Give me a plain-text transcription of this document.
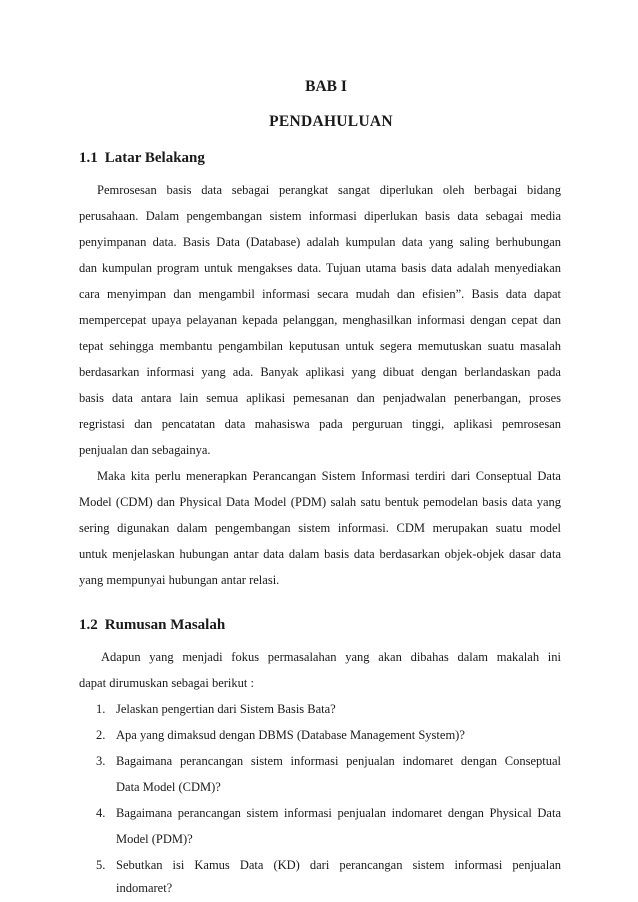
BAB I
PENDAHULUAN
1.1 Latar Belakang
Pemrosesan basis data sebagai perangkat sangat diperlukan oleh berbagai bidang
perusahaan. Dalam pengembangan sistem informasi diperlukan basis data sebagai media
penyimpanan data. Basis Data (Database) adalah kumpulan data yang saling berhubungan
dan kumpulan program untuk mengakses data. Tujuan utama basis data adalah menyediakan
cara menyimpan dan mengambil informasi secara mudah dan efisien”. Basis data dapat
mempercepat upaya pelayanan kepada pelanggan, menghasilkan informasi dengan cepat dan
tepat sehingga membantu pengambilan keputusan untuk segera memutuskan suatu masalah
berdasarkan informasi yang ada. Banyak aplikasi yang dibuat dengan berlandaskan pada
basis data antara lain semua aplikasi pemesanan dan penjadwalan penerbangan, proses
regristasi dan pencatatan data mahasiswa pada perguruan tinggi, aplikasi pemrosesan
penjualan dan sebagainya.
Maka kita perlu menerapkan Perancangan Sistem Informasi terdiri dari Conseptual Data
Model (CDM) dan Physical Data Model (PDM) salah satu bentuk pemodelan basis data yang
sering digunakan dalam pengembangan sistem informasi. CDM merupakan suatu model
untuk menjelaskan hubungan antar data dalam basis data berdasarkan objek-objek dasar data
yang mempunyai hubungan antar relasi.
1.2 Rumusan Masalah
Adapun yang menjadi fokus permasalahan yang akan dibahas dalam makalah ini
dapat dirumuskan sebagai berikut :
1. Jelaskan pengertian dari Sistem Basis Bata?
2. Apa yang dimaksud dengan DBMS (Database Management System)?
3. Bagaimana perancangan sistem informasi penjualan indomaret dengan Conseptual
Data Model (CDM)?
4. Bagaimana perancangan sistem informasi penjualan indomaret dengan Physical Data
Model (PDM)?
5. Sebutkan isi Kamus Data (KD) dari perancangan sistem informasi penjualan
indomaret?
